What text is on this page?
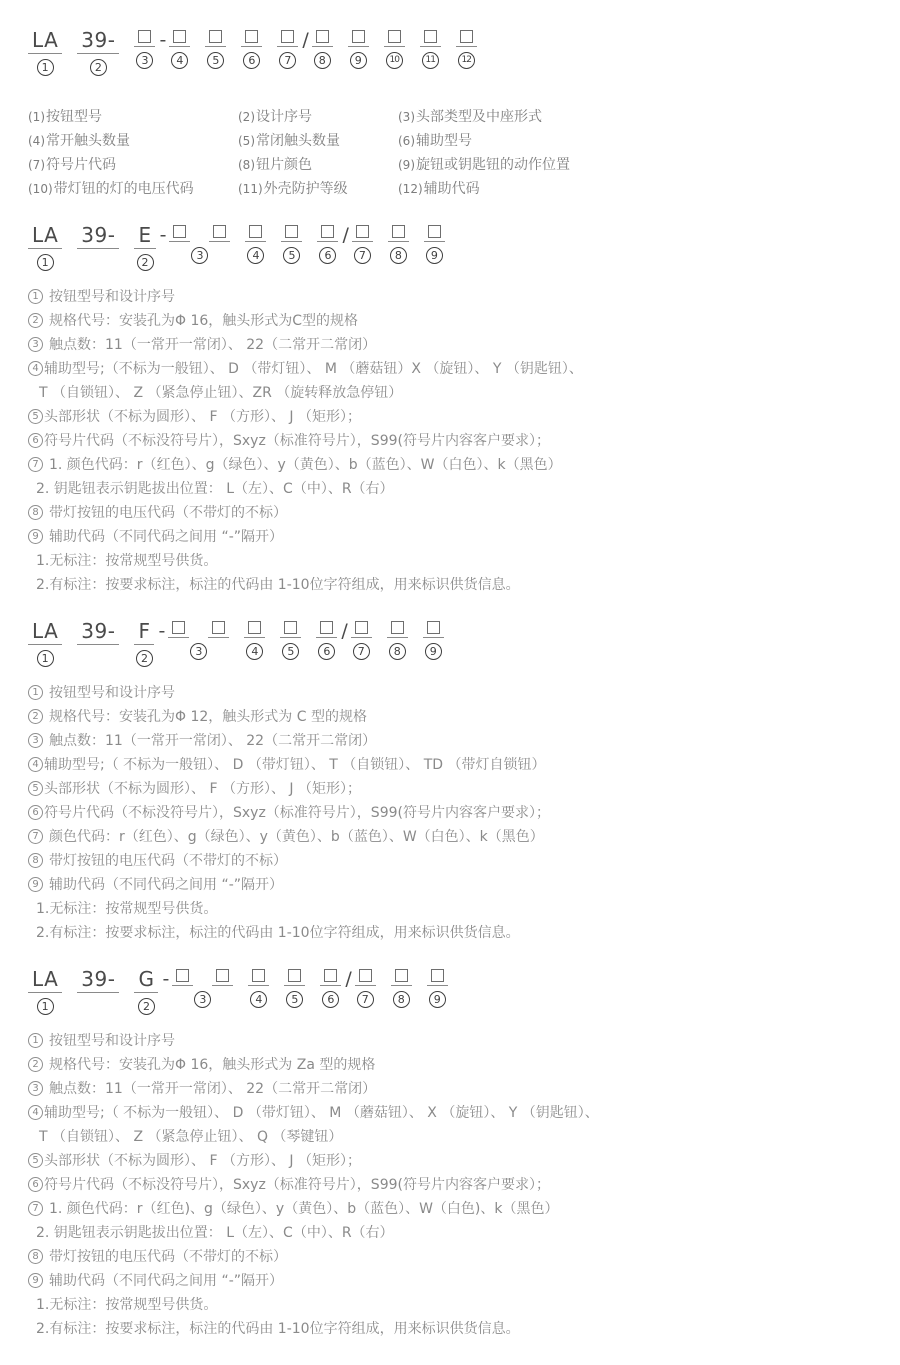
LA
1
39-
2
3
-
4	5	6	7
/
8	9	10	11	12
(1) 按钮型号	(2) 设计序号	(3) 头部类型及中座形式
(4) 常开触头数量	(5) 常闭触头数量	(6) 辅助型号
(7) 符号片代码	(8) 钮片颜色	(9) 旋钮或钥匙钮的动作位置
(10) 带灯钮的灯的电压代码	(11) 外壳防护等级	(12) 辅助代码
LA
1
39- E
2
-
3	4	5	6
/
7	8	9
1 按钮型号和设计序号
2 规格代号：安装孔为Φ 16，触头形式为C型的规格
3 触点数：11（一常开一常闭）、 22（二常开二常闭）
4 辅助型号;（不标为一般钮）、 D （带灯钮）、 M （蘑菇钮）X （旋钮）、 Y （钥匙钮）、
T （自锁钮）、 Z （紧急停止钮）、ZR （旋转释放急停钮）
5 头部形状（不标为圆形）、 F （方形）、 J （矩形）；
6 符号片代码（不标没符号片），Sxyz（标准符号片），S99(符号片内容客户要求）；
7 1. 颜色代码：r（红色）、g（绿色）、y（黄色）、b（蓝色）、W（白色）、k（黑色）
2. 钥匙钮表示钥匙拔出位置： L（左）、C（中）、R（右）
8 带灯按钮的电压代码（不带灯的不标）
9 辅助代码（不同代码之间用 “-”隔开）
1.无标注：按常规型号供货。
2.有标注：按要求标注，标注的代码由 1-10位字符组成，用来标识供货信息。
LA
1
39- F
2
-
3	4	5	6
/
7	8	9
1 按钮型号和设计序号
2 规格代号：安装孔为Φ 12，触头形式为 C 型的规格
3 触点数：11（一常开一常闭）、 22（二常开二常闭）
4 辅助型号;（ 不标为一般钮）、 D （带灯钮）、 T （自锁钮）、 TD （带灯自锁钮）
5 头部形状（不标为圆形）、 F （方形）、 J （矩形）；
6 符号片代码（不标没符号片），Sxyz（标准符号片），S99(符号片内容客户要求）；
7 颜色代码：r（红色）、g（绿色）、y（黄色）、b（蓝色）、W（白色）、k（黑色）
8 带灯按钮的电压代码（不带灯的不标）
9 辅助代码（不同代码之间用 “-”隔开）
1.无标注：按常规型号供货。
2.有标注：按要求标注，标注的代码由 1-10位字符组成，用来标识供货信息。
LA
1
39- G
2
-
3	4	5	6
/
7	8	9
1 按钮型号和设计序号
2 规格代号：安装孔为Φ 16，触头形式为 Za 型的规格
3 触点数：11（一常开一常闭）、 22（二常开二常闭）
4 辅助型号;（ 不标为一般钮）、 D （带灯钮）、 M （蘑菇钮）、 X （旋钮）、 Y （钥匙钮）、
T （自锁钮）、 Z （紧急停止钮）、 Q （琴键钮）
5 头部形状（不标为圆形）、 F （方形）、 J （矩形）；
6 符号片代码（不标没符号片），Sxyz（标准符号片），S99(符号片内容客户要求）；
7 1. 颜色代码：r（红色)、g（绿色）、y（黄色）、b（蓝色）、W（白色)、k（黑色）
2. 钥匙钮表示钥匙拔出位置： L（左）、C（中）、R（右）
8 带灯按钮的电压代码（不带灯的不标）
9 辅助代码（不同代码之间用 “-”隔开）
1.无标注：按常规型号供货。
2.有标注：按要求标注，标注的代码由 1-10位字符组成，用来标识供货信息。
